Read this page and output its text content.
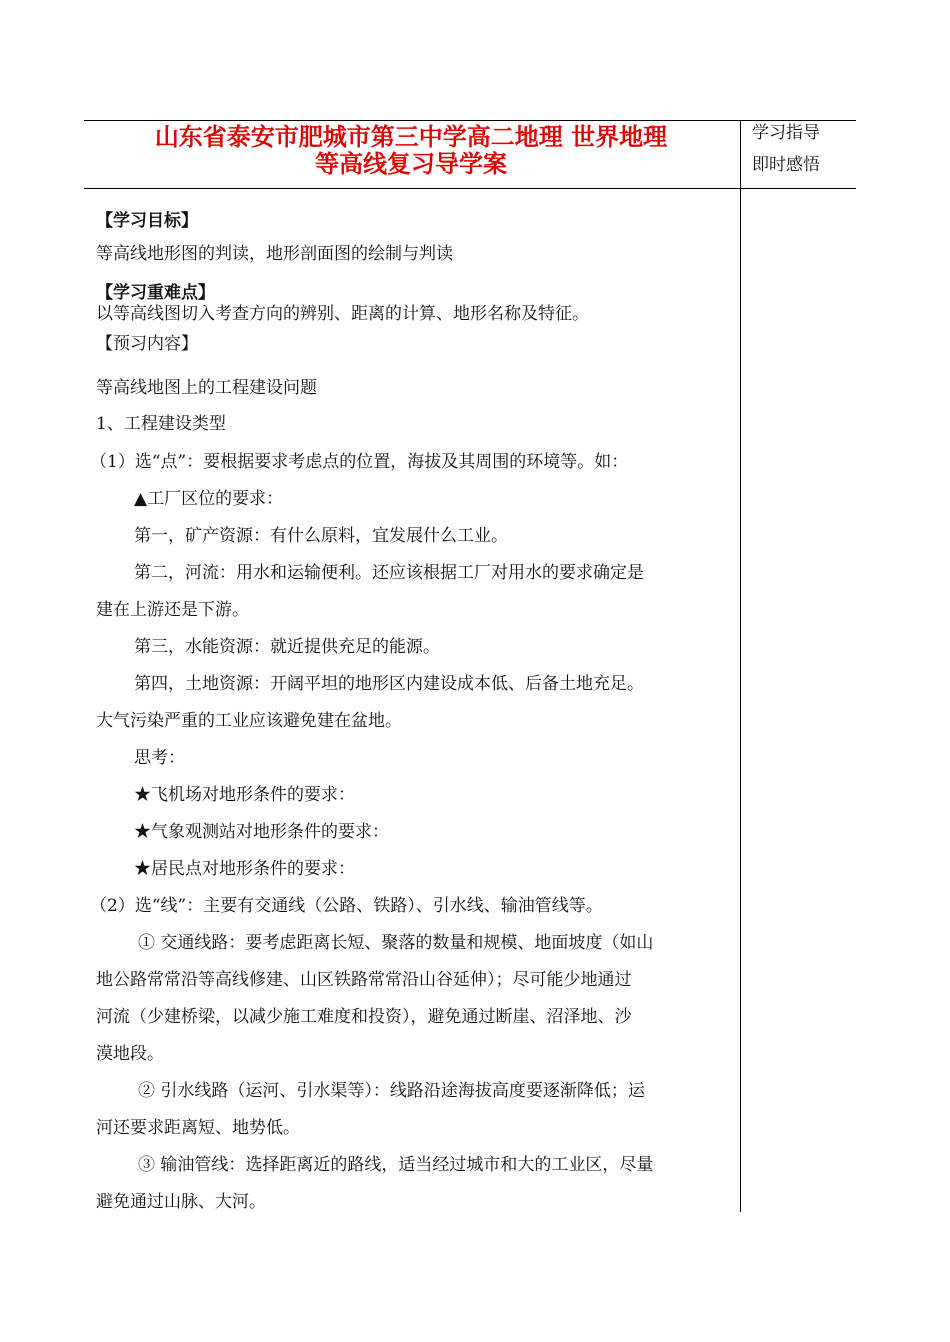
山东省泰安市肥城市第三中学高二地理 世界地理
等高线复习导学案
学习指导
即时感悟
【学习目标】
等高线地形图的判读，地形剖面图的绘制与判读
【学习重难点】
以等高线图切入考查方向的辨别、距离的计算、地形名称及特征。
【预习内容】
等高线地图上的工程建设问题
1、工程建设类型
（1）选“点”：要根据要求考虑点的位置，海拔及其周围的环境等。如：
▲工厂区位的要求：
第一，矿产资源：有什么原料，宜发展什么工业。
第二，河流：用水和运输便利。还应该根据工厂对用水的要求确定是
建在上游还是下游。
第三，水能资源：就近提供充足的能源。
第四，土地资源：开阔平坦的地形区内建设成本低、后备土地充足。
大气污染严重的工业应该避免建在盆地。
思考：
★飞机场对地形条件的要求：
★气象观测站对地形条件的要求：
★居民点对地形条件的要求：
（2）选“线”：主要有交通线（公路、铁路）、引水线、输油管线等。
① 交通线路：要考虑距离长短、聚落的数量和规模、地面坡度（如山
地公路常常沿等高线修建、山区铁路常常沿山谷延伸）；尽可能少地通过
河流（少建桥梁，以减少施工难度和投资），避免通过断崖、沼泽地、沙
漠地段。
② 引水线路（运河、引水渠等）：线路沿途海拔高度要逐渐降低；运
河还要求距离短、地势低。
③ 输油管线：选择距离近的路线，适当经过城市和大的工业区，尽量
避免通过山脉、大河。
